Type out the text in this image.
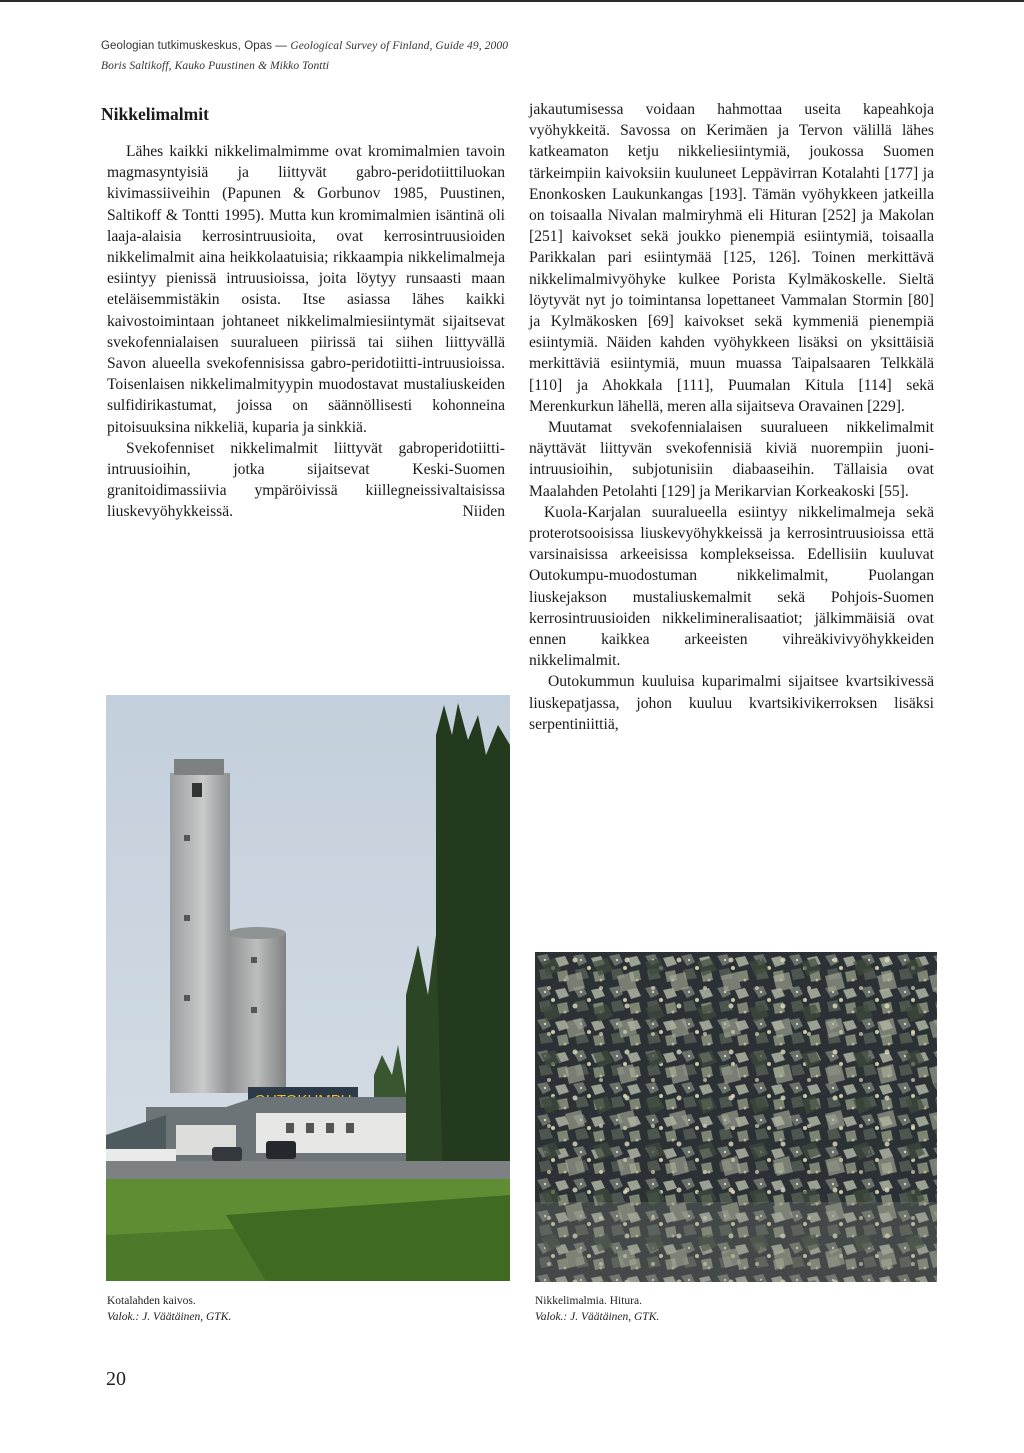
Geologian tutkimuskeskus, Opas — Geological Survey of Finland, Guide 49, 2000
Boris Saltikoff, Kauko Puustinen & Mikko Tontti
Nikkelimalmit

Lähes kaikki nikkelimalmimme ovat kromimalmien tavoin magmasyntyisiä ja liittyvät gabro-peridotiittiluokan kivimassiiveihin (Papunen & Gorbunov 1985, Puustinen, Saltikoff & Tontti 1995). Mutta kun kromimalmien isäntinä oli laaja-alaisia kerrosintruusioita, ovat kerrosintruusioiden nikkelimalmit aina heikkolaatuisia; rikkaampia nikkelimalmeja esiintyy pienissä intruusioissa, joita löytyy runsaasti maan eteläisemmistäkin osista. Itse asiassa lähes kaikki kaivostoimintaan johtaneet nikkelimalmiesiintymät sijaitsevat svekofennialaisen suuralueen piirissä tai siihen liittyvällä Savon alueella svekofennisissa gabro-peridotiitti-intruusioissa. Toisenlaisen nikkelimalmityypin muodostavat mustaliuskeiden sulfidirikastumat, joissa on säännöllisesti kohonneina pitoisuuksina nikkeliä, kuparia ja sinkkiä.

Svekofenniset nikkelimalmit liittyvät gabroperidotiitti-intruusioihin, jotka sijaitsevat Keski-Suomen granitoidimassiivia ympäröivissä kiillegneissivaltaisissa liuskevyöhykkeissä. Niiden

jakautumisessa voidaan hahmottaa useita kapeahkoja vyöhykkeitä. Savossa on Kerimäen ja Tervon välillä lähes katkeamaton ketju nikkeliesiintymiä, joukossa Suomen tärkeimpiin kaivoksiin kuuluneet Leppävirran Kotalahti [177] ja Enonkosken Laukunkangas [193]. Tämän vyöhykkeen jatkeilla on toisaalla Nivalan malmiryhmä eli Hituran [252] ja Makolan [251] kaivokset sekä joukko pienempiä esiintymiä, toisaalla Parikkalan pari esiintymää [125, 126]. Toinen merkittävä nikkelimalmivyöhyke kulkee Porista Kylmäkoskelle. Sieltä löytyvät nyt jo toimintansa lopettaneet Vammalan Stormin [80] ja Kylmäkosken [69] kaivokset sekä kymmeniä pienempiä esiintymiä. Näiden kahden vyöhykkeen lisäksi on yksittäisiä merkittäviä esiintymiä, muun muassa Taipalsaaren Telkkälä [110] ja Ahokkala [111], Puumalan Kitula [114] sekä Merenkurkun lähellä, meren alla sijaitseva Oravainen [229].

Muutamat svekofennialaisen suuralueen nikkelimalmit näyttävät liittyvän svekofennisiä kiviä nuorempiin juoni-intruusioihin, subjotunisiin diabaaseihin. Tällaisia ovat Maalahden Petolahti [129] ja Merikarvian Korkeakoski [55].

Kuola-Karjalan suuralueella esiintyy nikkelimalmeja sekä proterotsooisissa liuskevyöhykkeissä ja kerrosintruusioissa että varsinaisissa arkeeisissa komplekseissa. Edellisiin kuuluvat Outokumpu-muodostuman nikkelimalmit, Puolangan liuskejakson mustaliuskemalmit sekä Pohjois-Suomen kerrosintruusioiden nikkelimineralisaatiot; jälkimmäisiä ovat ennen kaikkea arkeeisten vihreäkivivyöhykkeiden nikkelimalmit.

Outokummun kuuluisa kuparimalmi sijaitsee kvartsikivessä liuskepatjassa, johon kuuluu kvartsikivikerroksen lisäksi serpentiniittiä,

Kotalahden kaivos.
Valok.: J. Väätäinen, GTK.
Nikkelimalmia. Hitura.
Valok.: J. Väätäinen, GTK.
20
